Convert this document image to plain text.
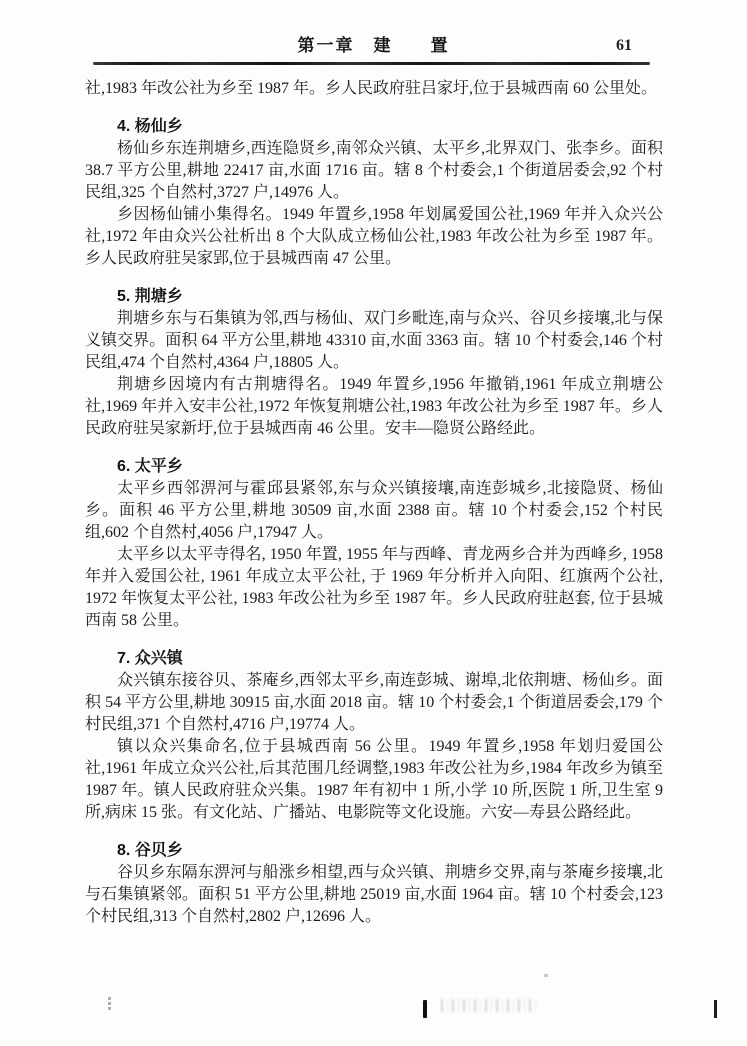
第一章　建　　置	61

社,1983 年改公社为乡至 1987 年。乡人民政府驻吕家圩,位于县城西南 60 公里处。

4. 杨仙乡

杨仙乡东连荆塘乡,西连隐贤乡,南邻众兴镇、太平乡,北界双门、张李乡。面积 38.7 平方公里,耕地 22417 亩,水面 1716 亩。辖 8 个村委会,1 个街道居委会,92 个村民组,325 个自然村,3727 户,14976 人。

乡因杨仙铺小集得名。1949 年置乡,1958 年划属爱国公社,1969 年并入众兴公社,1972 年由众兴公社析出 8 个大队成立杨仙公社,1983 年改公社为乡至 1987 年。乡人民政府驻吴家郢,位于县城西南 47 公里。

5. 荆塘乡

荆塘乡东与石集镇为邻,西与杨仙、双门乡毗连,南与众兴、谷贝乡接壤,北与保义镇交界。面积 64 平方公里,耕地 43310 亩,水面 3363 亩。辖 10 个村委会,146 个村民组,474 个自然村,4364 户,18805 人。

荆塘乡因境内有古荆塘得名。1949 年置乡,1956 年撤销,1961 年成立荆塘公社,1969 年并入安丰公社,1972 年恢复荆塘公社,1983 年改公社为乡至 1987 年。乡人民政府驻吴家新圩,位于县城西南 46 公里。安丰—隐贤公路经此。

6. 太平乡

太平乡西邻淠河与霍邱县紧邻,东与众兴镇接壤,南连彭城乡,北接隐贤、杨仙乡。面积 46 平方公里,耕地 30509 亩,水面 2388 亩。辖 10 个村委会,152 个村民组,602 个自然村,4056 户,17947 人。

太平乡以太平寺得名, 1950 年置, 1955 年与西峰、青龙两乡合并为西峰乡, 1958 年并入爱国公社, 1961 年成立太平公社, 于 1969 年分析并入向阳、红旗两个公社, 1972 年恢复太平公社, 1983 年改公社为乡至 1987 年。乡人民政府驻赵套, 位于县城西南 58 公里。

7. 众兴镇

众兴镇东接谷贝、茶庵乡,西邻太平乡,南连彭城、谢埠,北依荆塘、杨仙乡。面积 54 平方公里,耕地 30915 亩,水面 2018 亩。辖 10 个村委会,1 个街道居委会,179 个村民组,371 个自然村,4716 户,19774 人。

镇以众兴集命名,位于县城西南 56 公里。1949 年置乡,1958 年划归爱国公社,1961 年成立众兴公社,后其范围几经调整,1983 年改公社为乡,1984 年改乡为镇至 1987 年。镇人民政府驻众兴集。1987 年有初中 1 所,小学 10 所,医院 1 所,卫生室 9 所,病床 15 张。有文化站、广播站、电影院等文化设施。六安—寿县公路经此。

8. 谷贝乡

谷贝乡东隔东淠河与船涨乡相望,西与众兴镇、荆塘乡交界,南与茶庵乡接壤,北与石集镇紧邻。面积 51 平方公里,耕地 25019 亩,水面 1964 亩。辖 10 个村委会,123 个村民组,313 个自然村,2802 户,12696 人。
